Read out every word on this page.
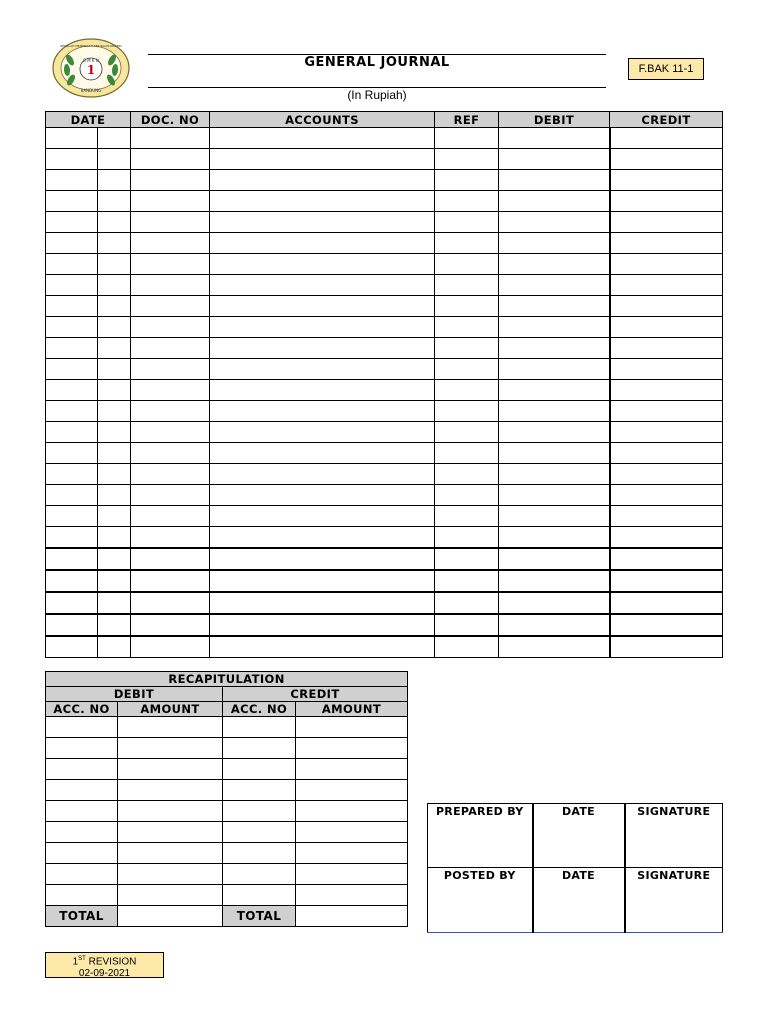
1
S M K N
BANDUNG
SEKOLAH MENENGAH KEJURUAN NEGERI
GENERAL JOURNAL
(In Rupiah)
F.BAK 11-1
DATE		DOC. NO	ACCOUNTS	REF	DEBIT	CREDIT

RECAPITULATION			
DEBIT		CREDIT	
ACC. NO	AMOUNT	ACC. NO	AMOUNT

TOTAL		TOTAL	
PREPARED BY	DATE	SIGNATURE
POSTED BY	DATE	SIGNATURE
1ST REVISION
02-09-2021
